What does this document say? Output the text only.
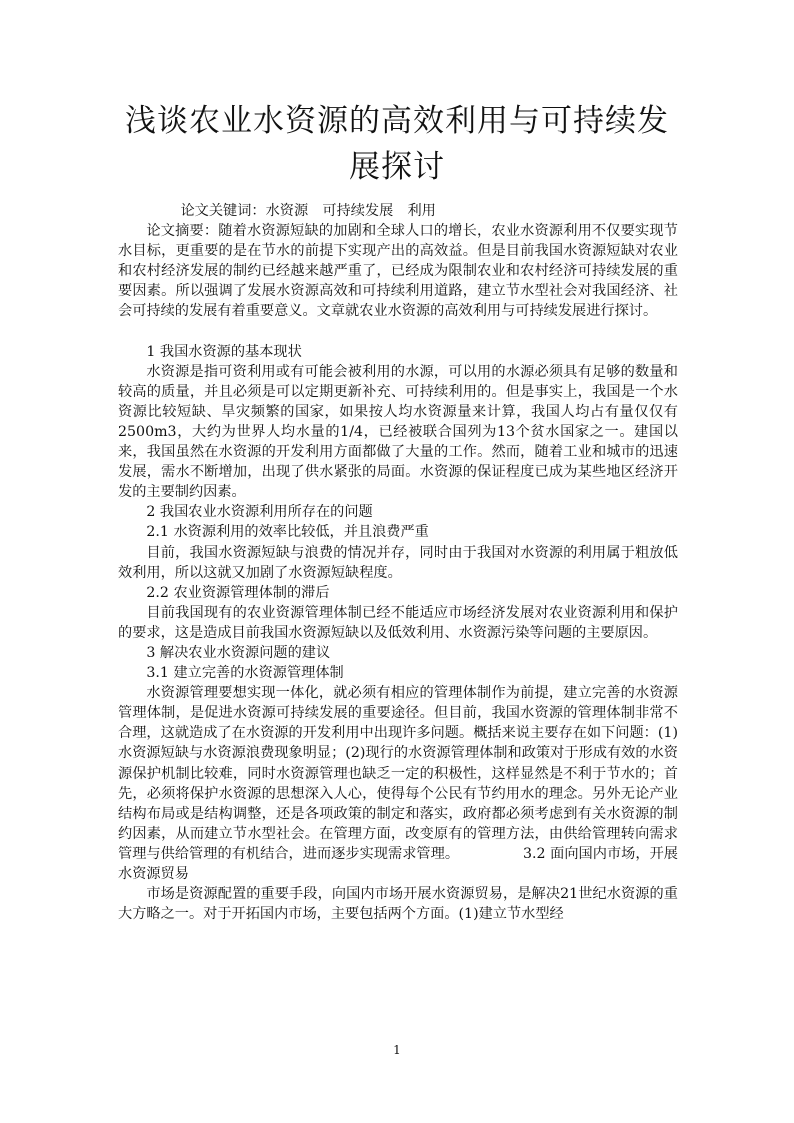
浅谈农业水资源的高效利用与可持续发展探讨

论文关键词：水资源　可持续发展　利用

论文摘要：随着水资源短缺的加剧和全球人口的增长，农业水资源利用不仅要实现节水目标，更重要的是在节水的前提下实现产出的高效益。但是目前我国水资源短缺对农业和农村经济发展的制约已经越来越严重了，已经成为限制农业和农村经济可持续发展的重要因素。所以强调了发展水资源高效和可持续利用道路，建立节水型社会对我国经济、社会可持续的发展有着重要意义。文章就农业水资源的高效利用与可持续发展进行探讨。

1 我国水资源的基本现状

水资源是指可资利用或有可能会被利用的水源，可以用的水源必须具有足够的数量和较高的质量，并且必须是可以定期更新补充、可持续利用的。但是事实上，我国是一个水资源比较短缺、旱灾频繁的国家，如果按人均水资源量来计算，我国人均占有量仅仅有2500m3，大约为世界人均水量的1/4，已经被联合国列为13个贫水国家之一。建国以来，我国虽然在水资源的开发利用方面都做了大量的工作。然而，随着工业和城市的迅速发展，需水不断增加，出现了供水紧张的局面。水资源的保证程度已成为某些地区经济开发的主要制约因素。

2 我国农业水资源利用所存在的问题

2.1 水资源利用的效率比较低，并且浪费严重

目前，我国水资源短缺与浪费的情况并存，同时由于我国对水资源的利用属于粗放低效利用，所以这就又加剧了水资源短缺程度。

2.2 农业资源管理体制的滞后

目前我国现有的农业资源管理体制已经不能适应市场经济发展对农业资源利用和保护的要求，这是造成目前我国水资源短缺以及低效利用、水资源污染等问题的主要原因。

3 解决农业水资源问题的建议

3.1 建立完善的水资源管理体制

水资源管理要想实现一体化，就必须有相应的管理体制作为前提，建立完善的水资源管理体制，是促进水资源可持续发展的重要途径。但目前，我国水资源的管理体制非常不合理，这就造成了在水资源的开发利用中出现许多问题。概括来说主要存在如下问题：(1)水资源短缺与水资源浪费现象明显；(2)现行的水资源管理体制和政策对于形成有效的水资源保护机制比较难，同时水资源管理也缺乏一定的积极性，这样显然是不利于节水的；首先，必须将保护水资源的思想深入人心，使得每个公民有节约用水的理念。另外无论产业结构布局或是结构调整，还是各项政策的制定和落实，政府都必须考虑到有关水资源的制约因素，从而建立节水型社会。在管理方面，改变原有的管理方法，由供给管理转向需求管理与供给管理的有机结合，进而逐步实现需求管理。　　　　　3.2 面向国内市场，开展水资源贸易

市场是资源配置的重要手段，向国内市场开展水资源贸易，是解决21世纪水资源的重大方略之一。对于开拓国内市场，主要包括两个方面。(1)建立节水型经

1
